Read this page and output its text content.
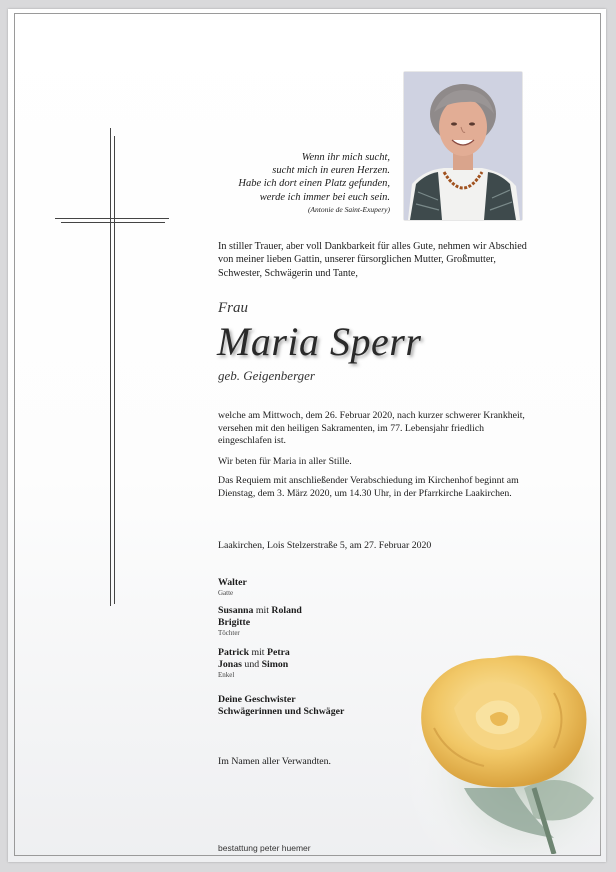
Wenn ihr mich sucht,
sucht mich in euren Herzen.
Habe ich dort einen Platz gefunden,
werde ich immer bei euch sein.
(Antonie de Saint-Exupery)
In stiller Trauer, aber voll Dankbarkeit für alles Gute, nehmen wir Abschied von meiner lieben Gattin, unserer fürsorglichen Mutter, Großmutter, Schwester, Schwägerin und Tante,
Frau
Maria Sperr
geb. Geigenberger
welche am Mittwoch, dem 26. Februar 2020, nach kurzer schwerer Krankheit, versehen mit den heiligen Sakramenten, im 77. Lebensjahr friedlich eingeschlafen ist.
Wir beten für Maria in aller Stille.
Das Requiem mit anschließender Verabschiedung im Kirchenhof beginnt am Dienstag, dem 3. März 2020, um 14.30 Uhr, in der Pfarrkirche Laakirchen.
Laakirchen, Lois Stelzerstraße 5, am 27. Februar 2020
Walter
Gatte
Susanna mit Roland
Brigitte
Töchter
Patrick mit Petra
Jonas und Simon
Enkel
Deine Geschwister
Schwägerinnen und Schwäger
Im Namen aller Verwandten.
bestattung peter huemer
